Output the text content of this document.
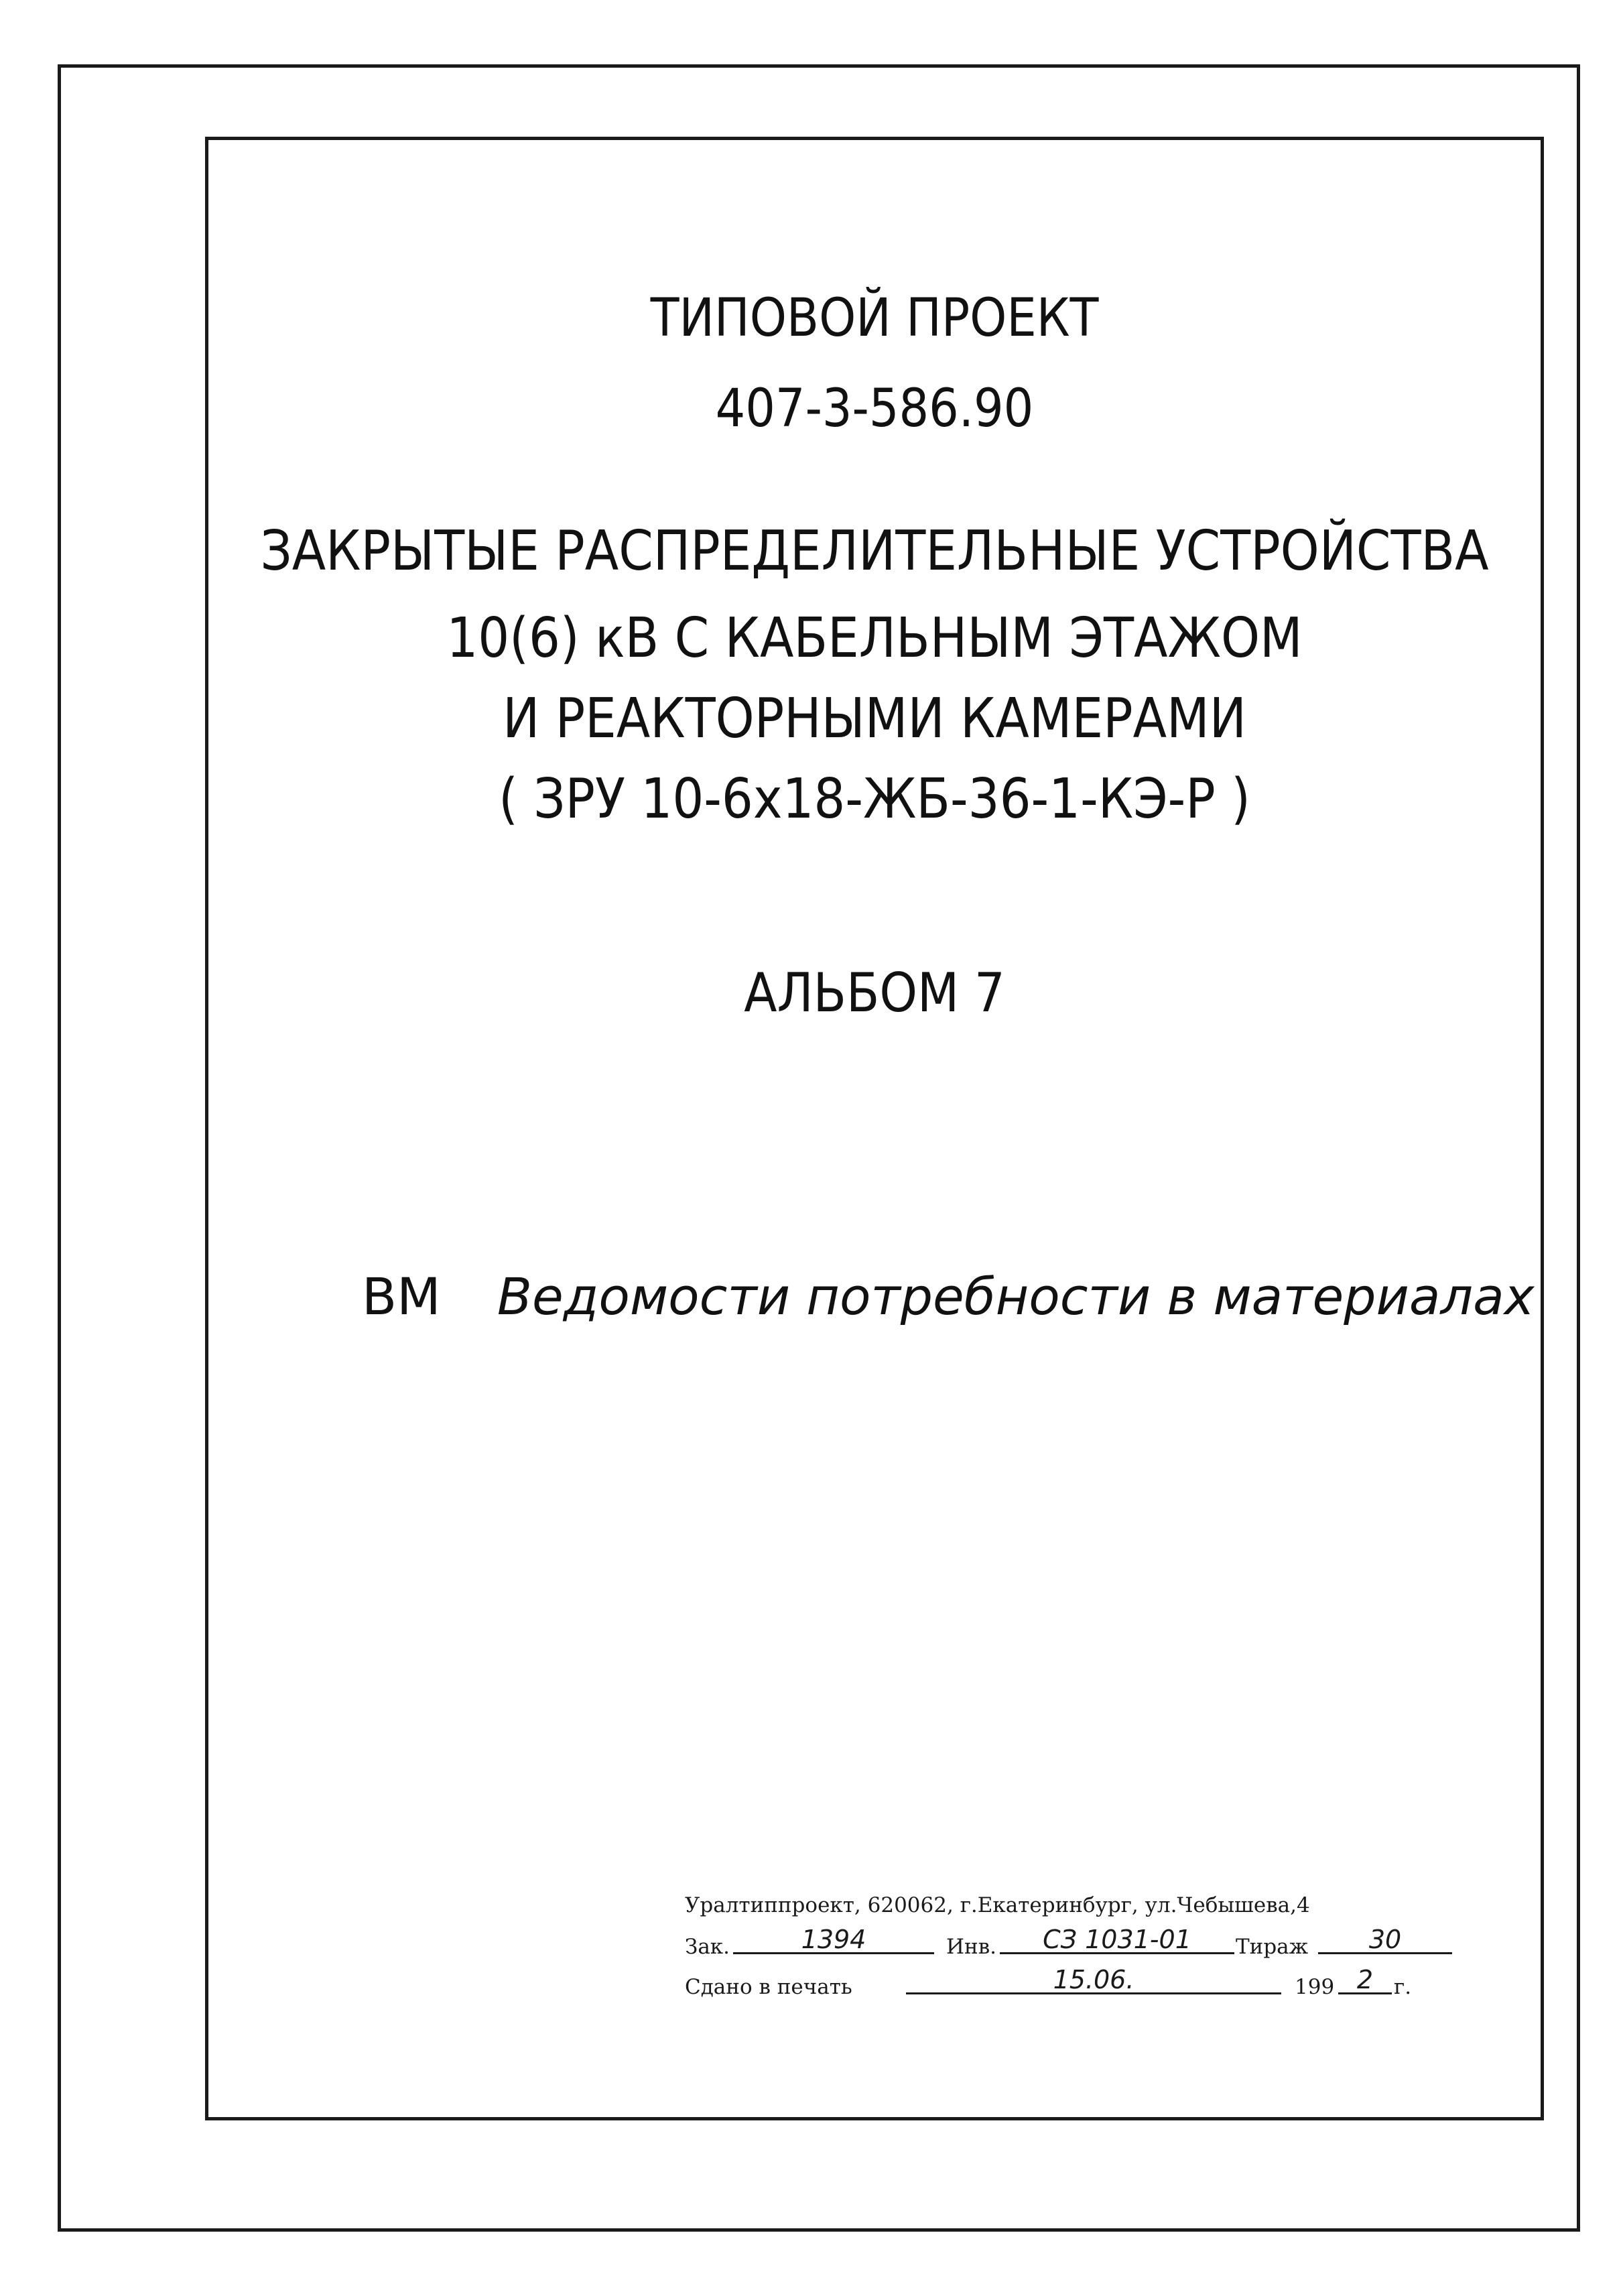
ТИПОВОЙ ПРОЕКТ
407-3-586.90
ЗАКРЫТЫЕ РАСПРЕДЕЛИТЕЛЬНЫЕ УСТРОЙСТВА
10(6) кВ С КАБЕЛЬНЫМ ЭТАЖОМ
И РЕАКТОРНЫМИ КАМЕРАМИ
( ЗРУ 10-6х18-ЖБ-36-1-КЭ-Р )
АЛЬБОМ 7
ВМ Ведомости потребности в материалах
Уралтиппроект, 620062, г.Екатеринбург, ул.Чебышева,4
Зак.	1394	Инв.	СЗ 1031-01	Тираж	30
Сдано в печать	15.06.	199 2 г.
